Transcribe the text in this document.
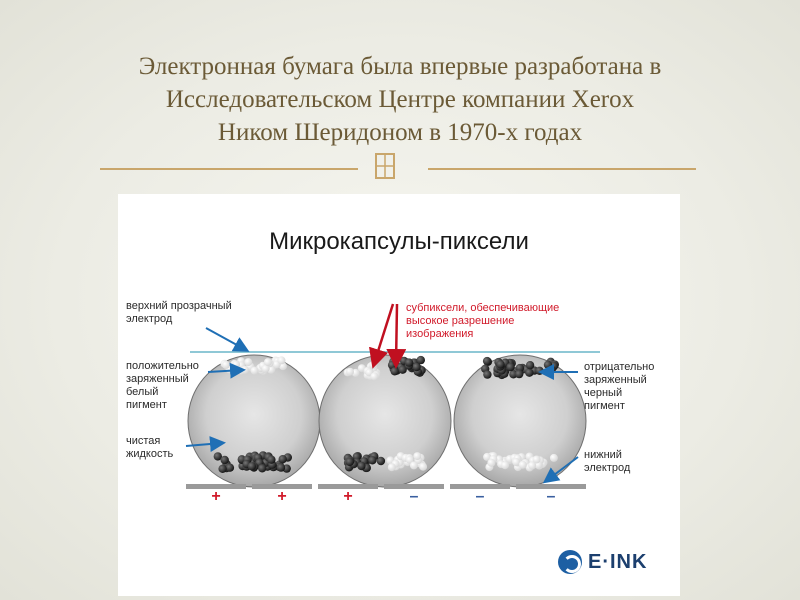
Электронная бумага была впервые разработана в
Исследовательском Центре компании Xerox
Ником Шеридоном в 1970-х годах
+	+	+	–	–	–
Микрокапсулы-пиксели

верхний прозрачный
электрод

положительно
заряженный
белый
пигмент

чистая
жидкость

субпиксели, обеспечивающие
высокое разрешение
изображения

отрицательно
заряженный
черный
пигмент

нижний
электрод

E·INK
